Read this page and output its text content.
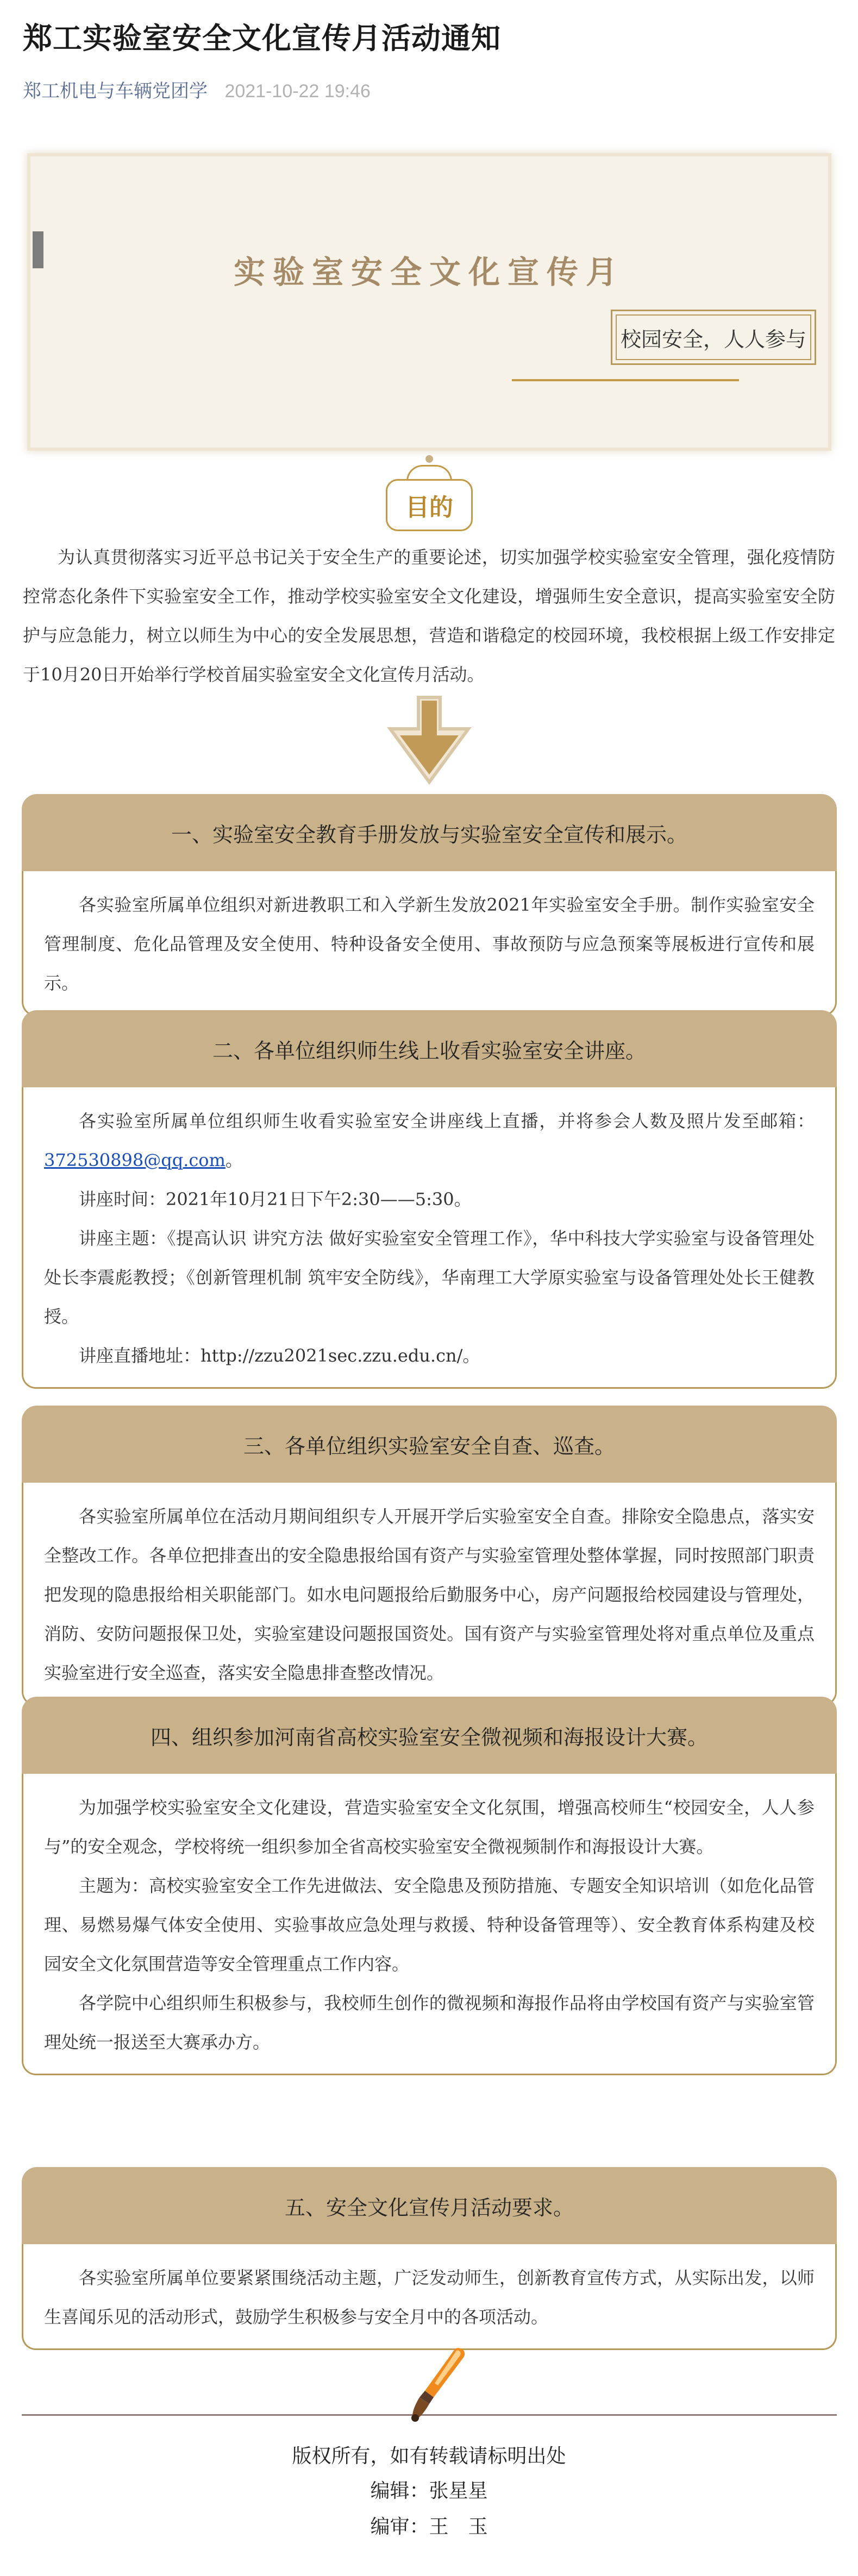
郑工实验室安全文化宣传月活动通知
郑工机电与车辆党团学 2021-10-22 19:46
实验室安全文化宣传月
校园安全，人人参与
目的

为认真贯彻落实习近平总书记关于安全生产的重要论述，切实加强学校实验室安全管理，强化疫情防控常态化条件下实验室安全工作，推动学校实验室安全文化建设，增强师生安全意识，提高实验室安全防护与应急能力，树立以师生为中心的安全发展思想，营造和谐稳定的校园环境，我校根据上级工作安排定于10月20日开始举行学校首届实验室安全文化宣传月活动。

一、实验室安全教育手册发放与实验室安全宣传和展示。

各实验室所属单位组织对新进教职工和入学新生发放2021年实验室安全手册。制作实验室安全管理制度、危化品管理及安全使用、特种设备安全使用、事故预防与应急预案等展板进行宣传和展示。

二、各单位组织师生线上收看实验室安全讲座。

各实验室所属单位组织师生收看实验室安全讲座线上直播，并将参会人数及照片发至邮箱：372530898@qq.com。

讲座时间：2021年10月21日下午2:30——5:30。

讲座主题：《提高认识 讲究方法 做好实验室安全管理工作》，华中科技大学实验室与设备管理处处长李震彪教授；《创新管理机制 筑牢安全防线》，华南理工大学原实验室与设备管理处处长王健教授。

讲座直播地址：http://zzu2021sec.zzu.edu.cn/。

三、各单位组织实验室安全自查、巡查。

各实验室所属单位在活动月期间组织专人开展开学后实验室安全自查。排除安全隐患点，落实安全整改工作。各单位把排查出的安全隐患报给国有资产与实验室管理处整体掌握，同时按照部门职责把发现的隐患报给相关职能部门。如水电问题报给后勤服务中心，房产问题报给校园建设与管理处，消防、安防问题报保卫处，实验室建设问题报国资处。国有资产与实验室管理处将对重点单位及重点实验室进行安全巡查，落实安全隐患排查整改情况。

四、组织参加河南省高校实验室安全微视频和海报设计大赛。

为加强学校实验室安全文化建设，营造实验室安全文化氛围，增强高校师生“校园安全，人人参与”的安全观念，学校将统一组织参加全省高校实验室安全微视频制作和海报设计大赛。

主题为：高校实验室安全工作先进做法、安全隐患及预防措施、专题安全知识培训（如危化品管理、易燃易爆气体安全使用、实验事故应急处理与救援、特种设备管理等）、安全教育体系构建及校园安全文化氛围营造等安全管理重点工作内容。

各学院中心组织师生积极参与，我校师生创作的微视频和海报作品将由学校国有资产与实验室管理处统一报送至大赛承办方。

五、安全文化宣传月活动要求。

各实验室所属单位要紧紧围绕活动主题，广泛发动师生，创新教育宣传方式，从实际出发，以师生喜闻乐见的活动形式，鼓励学生积极参与安全月中的各项活动。

版权所有，如有转载请标明出处
编辑：张星星
编审：王　玉
